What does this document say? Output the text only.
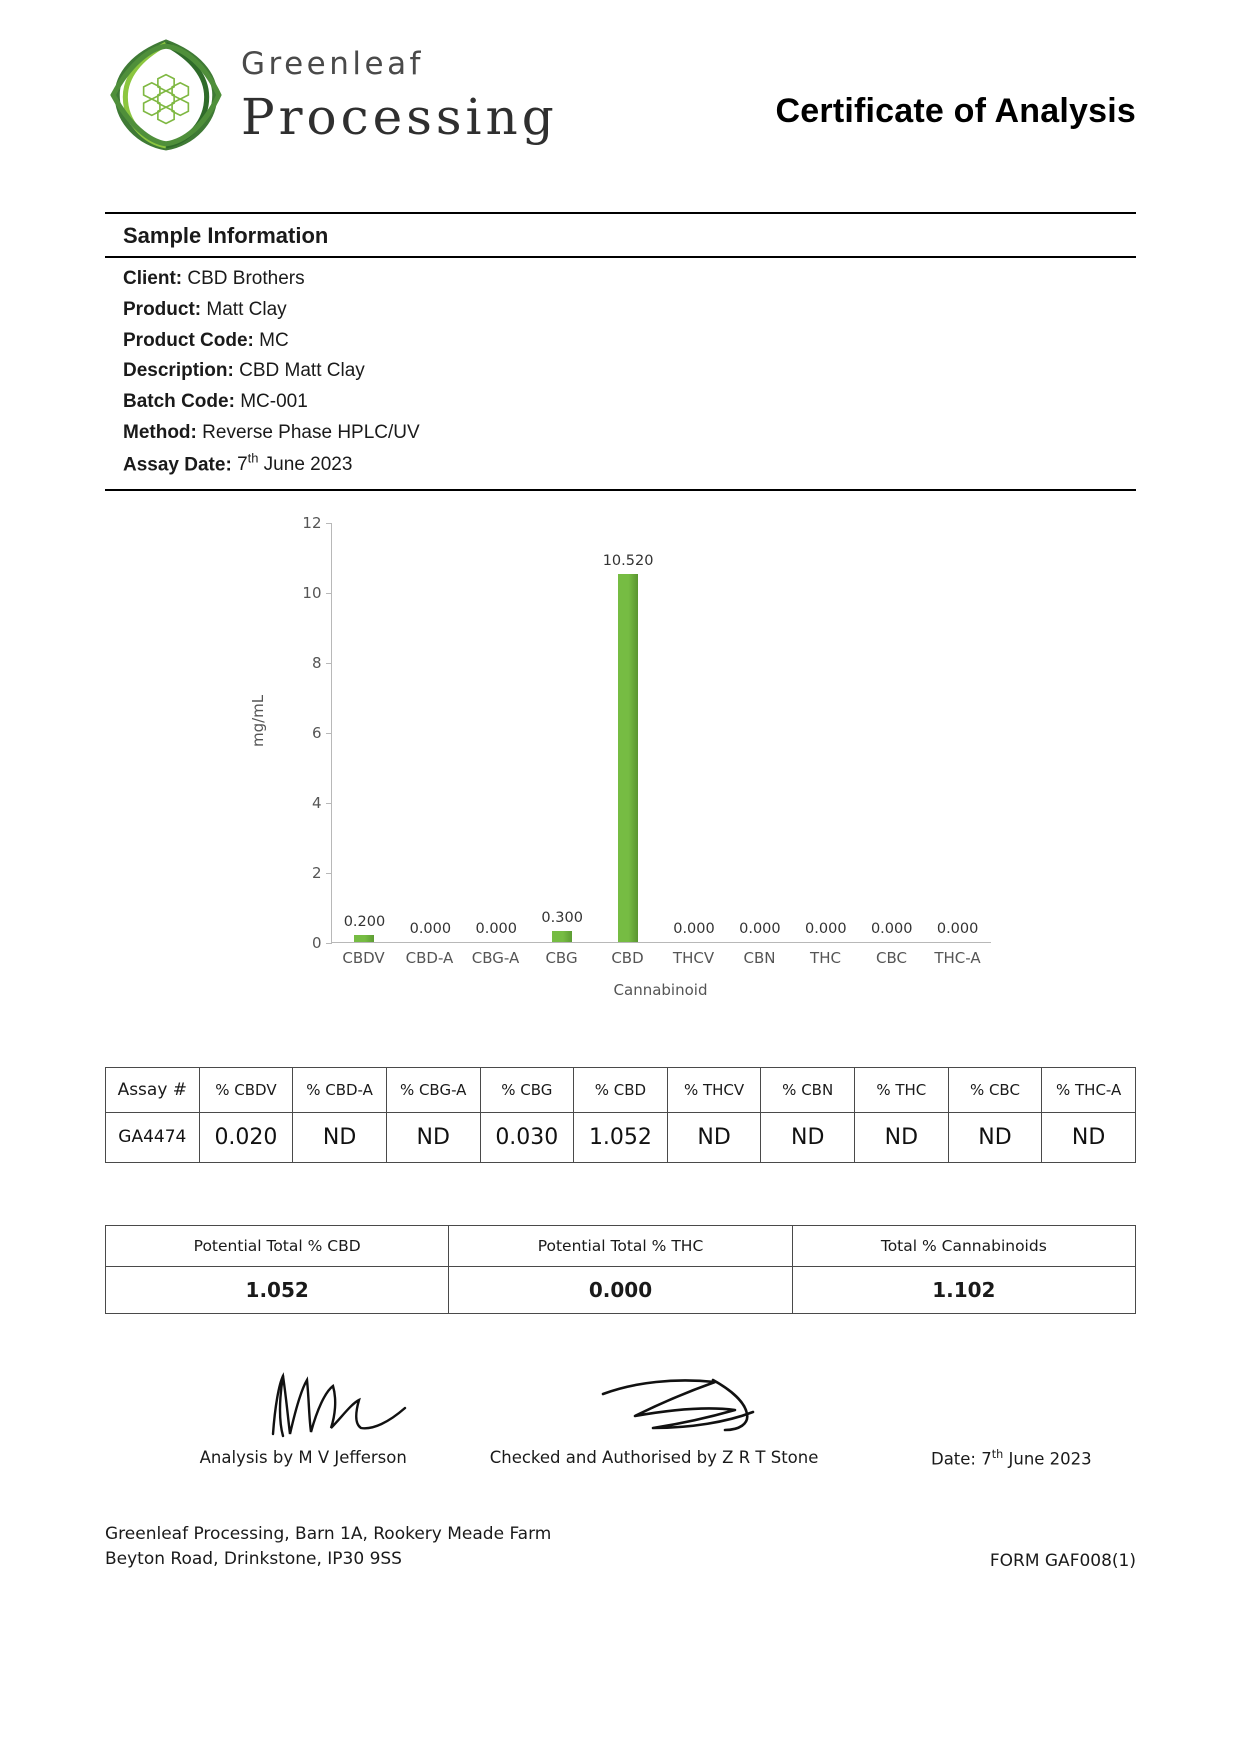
Greenleaf
Processing	Certificate of Analysis
Sample Information
Client: CBD Brothers
Product: Matt Clay
Product Code: MC
Description: CBD Matt Clay
Batch Code: MC-001
Method: Reverse Phase HPLC/UV
Assay Date: 7th June 2023
mg/mL
0
2
4
6
8
10
12
0.200 0.000 0.000
0.300
10.520
0.000 0.000 0.000 0.000 0.000
CBDV	CBD-A	CBG-A	CBG	CBD	THCV	CBN	THC	CBC	THC-A
Cannabinoid
Assay #	% CBDV	% CBD-A	% CBG-A	% CBG	% CBD	% THCV	% CBN	% THC	% CBC	% THC-A
GA4474	0.020	ND	ND	0.030	1.052	ND	ND	ND	ND	ND
Potential Total % CBD	Potential Total % THC	Total % Cannabinoids
1.052	0.000	1.102
Analysis by M V Jefferson	Checked and Authorised by Z R T Stone	Date: 7th June 2023
Greenleaf Processing, Barn 1A, Rookery Meade Farm
Beyton Road, Drinkstone, IP30 9SS	FORM GAF008(1)
